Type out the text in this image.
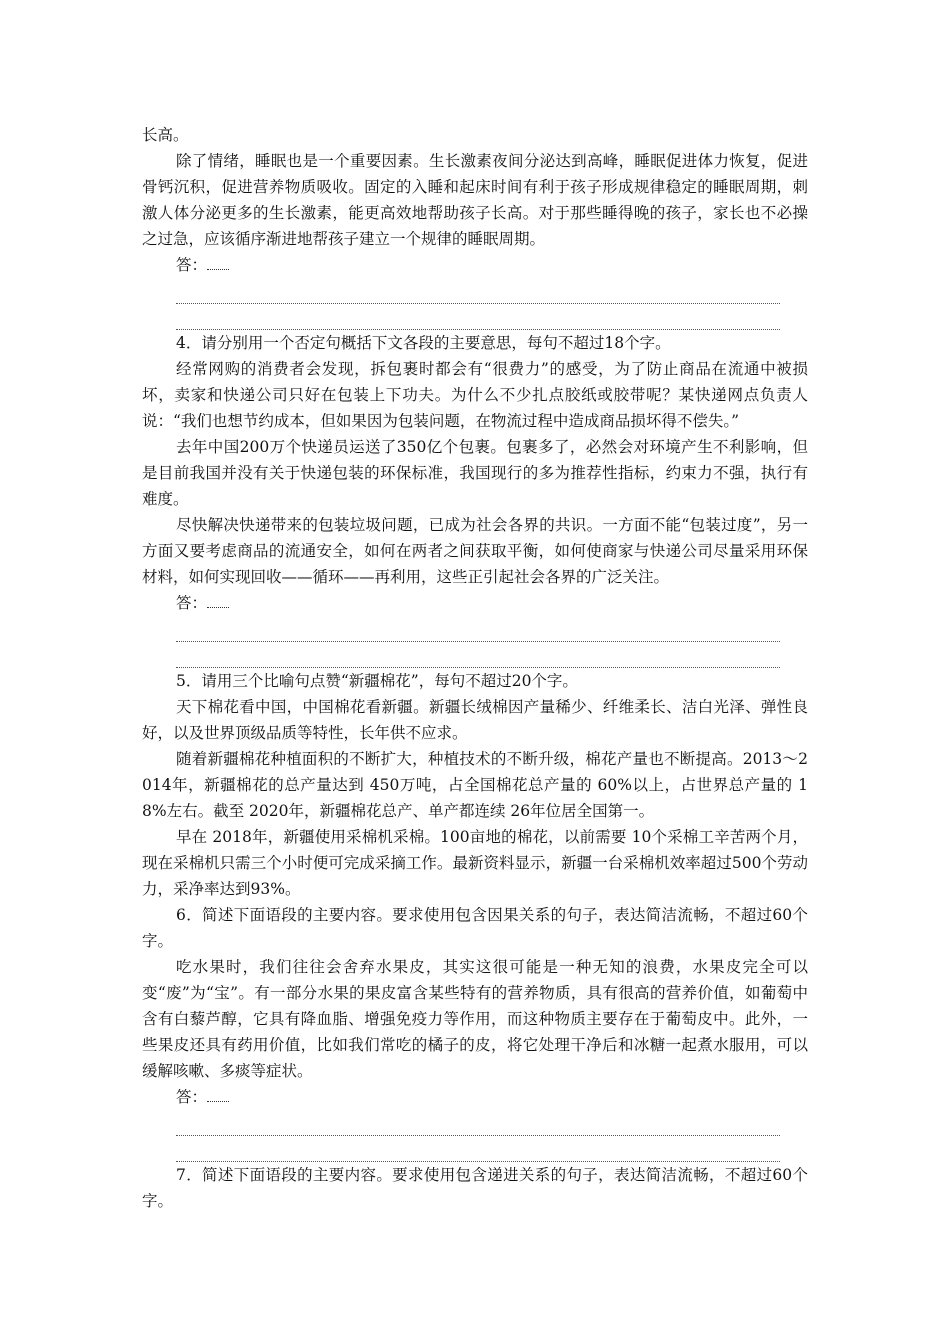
长高。

除了情绪，睡眠也是一个重要因素。生长激素夜间分泌达到高峰，睡眠促进体力恢复，促进骨钙沉积，促进营养物质吸收。固定的入睡和起床时间有利于孩子形成规律稳定的睡眠周期，刺激人体分泌更多的生长激素，能更高效地帮助孩子长高。对于那些睡得晚的孩子，家长也不必操之过急，应该循序渐进地帮孩子建立一个规律的睡眠周期。

答：

4．请分别用一个否定句概括下文各段的主要意思，每句不超过18个字。

经常网购的消费者会发现，拆包裹时都会有“很费力”的感受，为了防止商品在流通中被损坏，卖家和快递公司只好在包装上下功夫。为什么不少扎点胶纸或胶带呢？某快递网点负责人说：“我们也想节约成本，但如果因为包装问题，在物流过程中造成商品损坏得不偿失。”

去年中国200万个快递员运送了350亿个包裹。包裹多了，必然会对环境产生不利影响，但是目前我国并没有关于快递包装的环保标准，我国现行的多为推荐性指标，约束力不强，执行有难度。

尽快解决快递带来的包装垃圾问题，已成为社会各界的共识。一方面不能“包装过度”，另一方面又要考虑商品的流通安全，如何在两者之间获取平衡，如何使商家与快递公司尽量采用环保材料，如何实现回收——循环——再利用，这些正引起社会各界的广泛关注。

答：

5．请用三个比喻句点赞“新疆棉花”，每句不超过20个字。

天下棉花看中国，中国棉花看新疆。新疆长绒棉因产量稀少、纤维柔长、洁白光泽、弹性良好，以及世界顶级品质等特性，长年供不应求。

随着新疆棉花种植面积的不断扩大，种植技术的不断升级，棉花产量也不断提高。2013～2014年，新疆棉花的总产量达到 450万吨，占全国棉花总产量的 60%以上，占世界总产量的 18%左右。截至 2020年，新疆棉花总产、单产都连续 26年位居全国第一。

早在 2018年，新疆使用采棉机采棉。100亩地的棉花，以前需要 10个采棉工辛苦两个月，现在采棉机只需三个小时便可完成采摘工作。最新资料显示，新疆一台采棉机效率超过500个劳动力，采净率达到93%。

6．简述下面语段的主要内容。要求使用包含因果关系的句子，表达简洁流畅，不超过60个字。

吃水果时，我们往往会舍弃水果皮，其实这很可能是一种无知的浪费，水果皮完全可以变“废”为“宝”。有一部分水果的果皮富含某些特有的营养物质，具有很高的营养价值，如葡萄中含有白藜芦醇，它具有降血脂、增强免疫力等作用，而这种物质主要存在于葡萄皮中。此外，一些果皮还具有药用价值，比如我们常吃的橘子的皮，将它处理干净后和冰糖一起煮水服用，可以缓解咳嗽、多痰等症状。

答：

7．简述下面语段的主要内容。要求使用包含递进关系的句子，表达简洁流畅，不超过60个字。
